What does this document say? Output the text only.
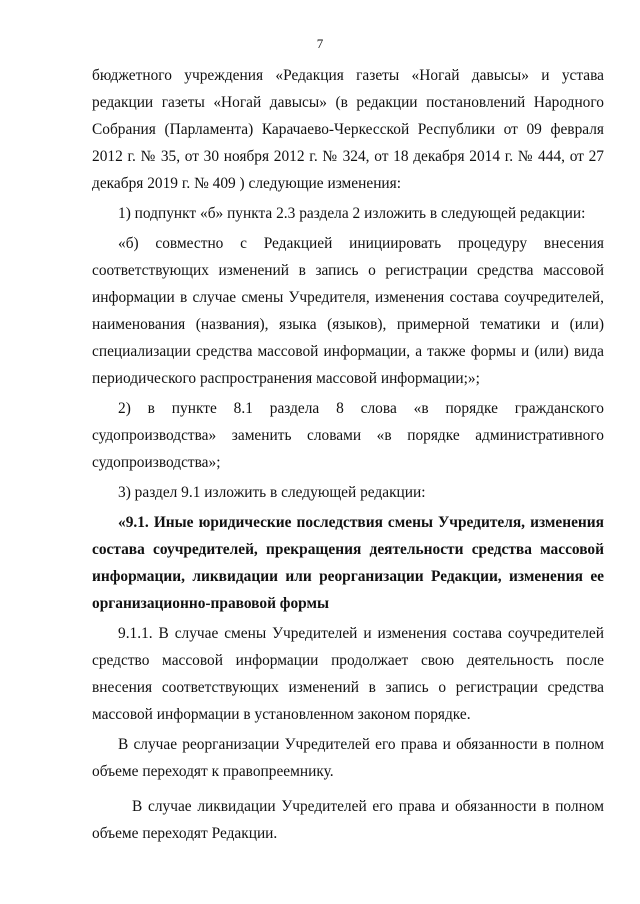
7

бюджетного учреждения «Редакция газеты «Ногай давысы» и устава редакции газеты «Ногай давысы» (в редакции постановлений Народного Собрания (Парламента) Карачаево-Черкесской Республики от 09 февраля 2012 г. № 35, от 30 ноября 2012 г. № 324, от 18 декабря 2014 г. № 444, от 27 декабря 2019 г. № 409 ) следующие изменения:

1) подпункт «б» пункта 2.3 раздела 2 изложить в следующей редакции:

«б) совместно с Редакцией инициировать процедуру внесения соответствующих изменений в запись о регистрации средства массовой информации в случае смены Учредителя, изменения состава соучредителей, наименования (названия), языка (языков), примерной тематики и (или) специализации средства массовой информации, а также формы и (или) вида периодического распространения массовой информации;»;

2) в пункте 8.1 раздела 8 слова «в порядке гражданского судопроизводства» заменить словами «в порядке административного судопроизводства»;

3) раздел 9.1 изложить в следующей редакции:

«9.1. Иные юридические последствия смены Учредителя, изменения состава соучредителей, прекращения деятельности средства массовой информации, ликвидации или реорганизации Редакции, изменения ее организационно-правовой формы

9.1.1. В случае смены Учредителей и изменения состава соучредителей средство массовой информации продолжает свою деятельность после внесения соответствующих изменений в запись о регистрации средства массовой информации в установленном законом порядке.

В случае реорганизации Учредителей его права и обязанности в полном объеме переходят к правопреемнику.

В случае ликвидации Учредителей его права и обязанности в полном объеме переходят Редакции.
